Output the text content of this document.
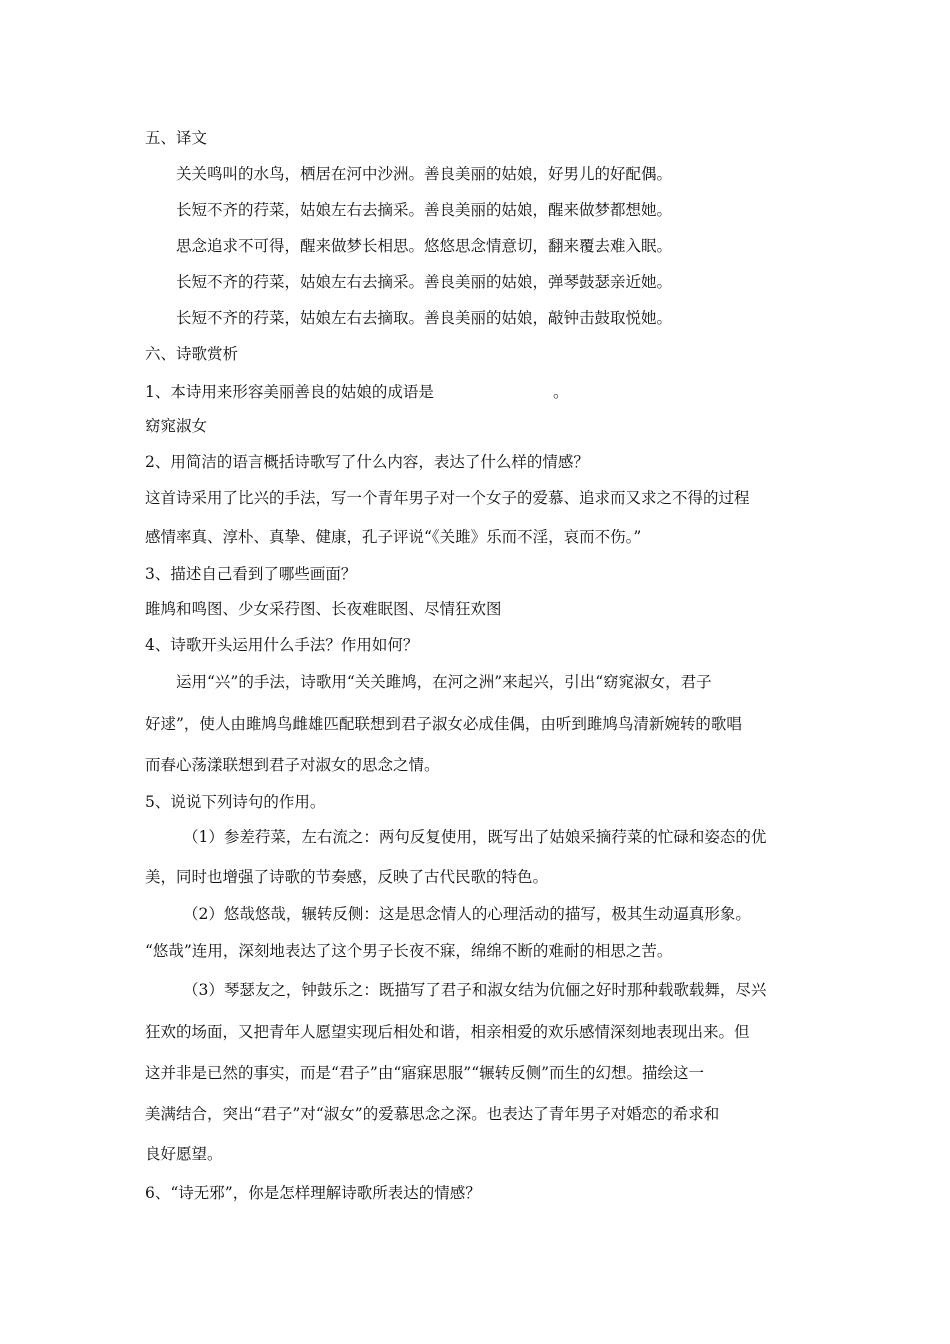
五、译文
关关鸣叫的水鸟，栖居在河中沙洲。善良美丽的姑娘，好男儿的好配偶。
长短不齐的荇菜，姑娘左右去摘采。善良美丽的姑娘，醒来做梦都想她。
思念追求不可得，醒来做梦长相思。悠悠思念情意切，翻来覆去难入眠。
长短不齐的荇菜，姑娘左右去摘采。善良美丽的姑娘，弹琴鼓瑟亲近她。
长短不齐的荇菜，姑娘左右去摘取。善良美丽的姑娘，敲钟击鼓取悦她。
六、诗歌赏析
1、本诗用来形容美丽善良的姑娘的成语是	。
窈窕淑女
2、用简洁的语言概括诗歌写了什么内容，表达了什么样的情感？
这首诗采用了比兴的手法，写一个青年男子对一个女子的爱慕、追求而又求之不得的过程
感情率真、淳朴、真挚、健康，孔子评说“《关雎》乐而不淫，哀而不伤。”
3、描述自己看到了哪些画面？
雎鸠和鸣图、少女采荇图、长夜难眠图、尽情狂欢图
4、诗歌开头运用什么手法？作用如何？
运用“兴”的手法，诗歌用“关关雎鸠，在河之洲”来起兴，引出“窈窕淑女，君子
好逑”，使人由雎鸠鸟雌雄匹配联想到君子淑女必成佳偶，由听到雎鸠鸟清新婉转的歌唱
而春心荡漾联想到君子对淑女的思念之情。
5、说说下列诗句的作用。
（1）参差荇菜，左右流之：两句反复使用，既写出了姑娘采摘荇菜的忙碌和姿态的优
美，同时也增强了诗歌的节奏感，反映了古代民歌的特色。
（2）悠哉悠哉，辗转反侧：这是思念情人的心理活动的描写，极其生动逼真形象。
“悠哉”连用，深刻地表达了这个男子长夜不寐，绵绵不断的难耐的相思之苦。
（3）琴瑟友之，钟鼓乐之：既描写了君子和淑女结为伉俪之好时那种载歌载舞，尽兴
狂欢的场面，又把青年人愿望实现后相处和谐，相亲相爱的欢乐感情深刻地表现出来。但
这并非是已然的事实，而是“君子”由“寤寐思服”“辗转反侧”而生的幻想。描绘这一
美满结合，突出“君子”对“淑女”的爱慕思念之深。也表达了青年男子对婚恋的希求和
良好愿望。
6、“诗无邪”，你是怎样理解诗歌所表达的情感？
